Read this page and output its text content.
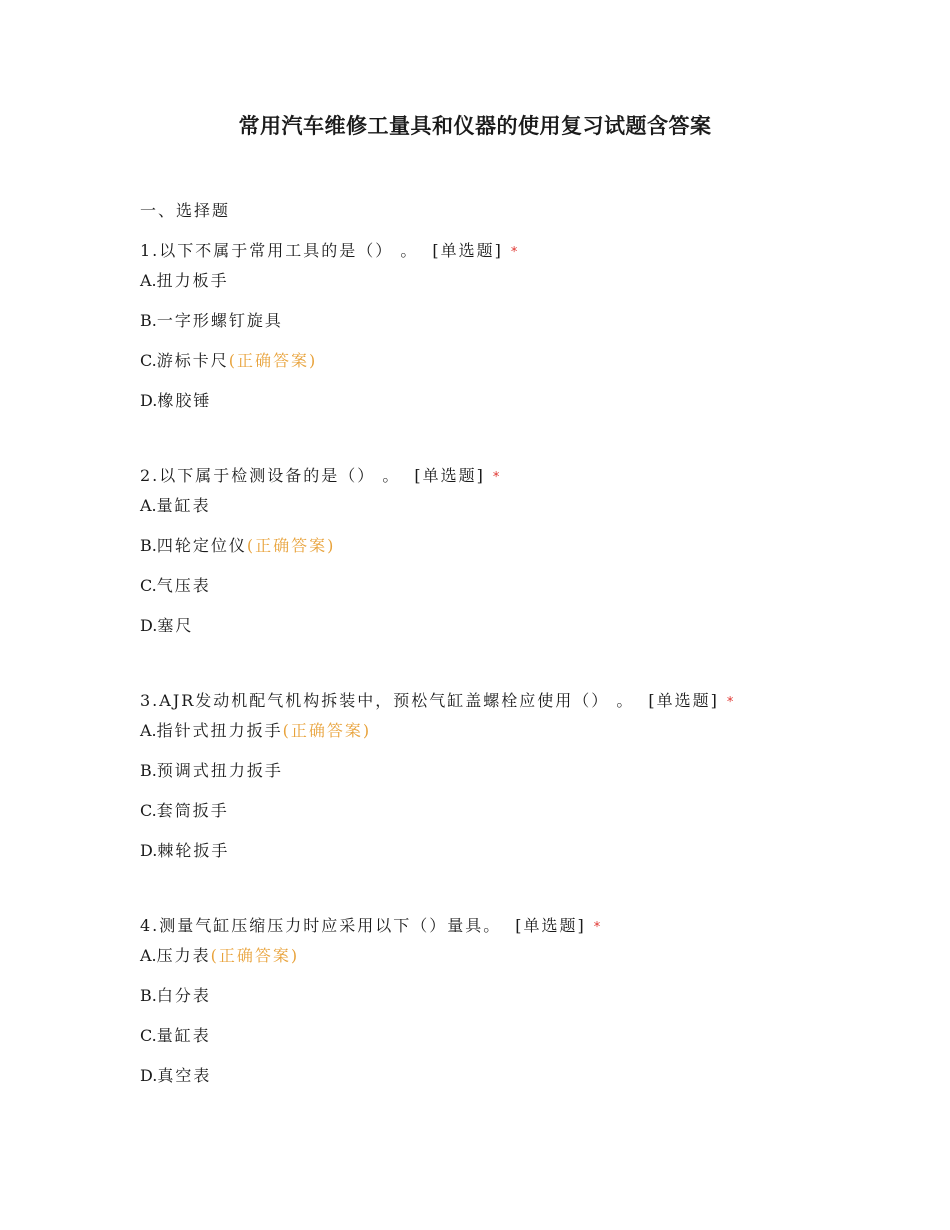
常用汽车维修工量具和仪器的使用复习试题含答案
一、选择题
1.以下不属于常用工具的是（） 。 [单选题] *
A.扭力板手
B.一字形螺钉旋具
C.游标卡尺(正确答案)
D.橡胶锤
2.以下属于检测设备的是（） 。 [单选题] *
A.量缸表
B.四轮定位仪(正确答案)
C.气压表
D.塞尺
3.AJR发动机配气机构拆装中，预松气缸盖螺栓应使用（） 。 [单选题] *
A.指针式扭力扳手(正确答案)
B.预调式扭力扳手
C.套筒扳手
D.棘轮扳手
4.测量气缸压缩压力时应采用以下（）量具。 [单选题] *
A.压力表(正确答案)
B.白分表
C.量缸表
D.真空表
